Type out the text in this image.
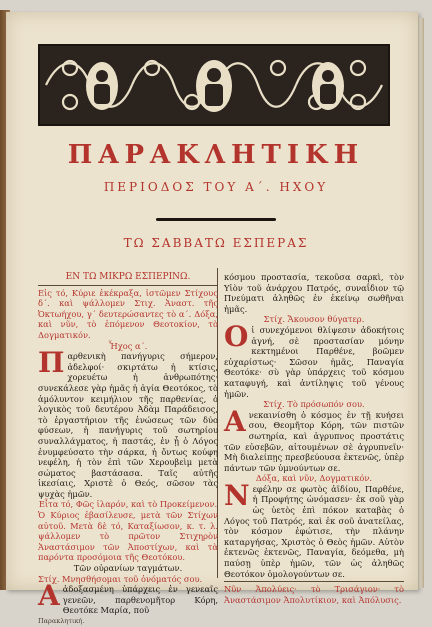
ΠΑΡΑΚΛΗΤΙΚΗ
ΠΕΡΙΟΔΟΣ ΤΟΥ Α΄. ΗΧΟΥ
ΤΩ ΣΑΒΒΑΤΩ ΕΣΠΕΡΑΣ
ΕΝ ΤΩ ΜΙΚΡΩ ΕΣΠΕΡΙΝΩ.

Εἰς τό, Κύριε ἐκέκραξα, ἱστῶμεν Στίχους δ΄. καὶ ψάλλομεν Στιχ. Ἀναστ. τῆς Ὀκτωήχου, γ΄ δευτερώσαντες τὸ α΄. Δόξα, καὶ νῦν, τὸ ἑπόμενον Θεοτοκίον, τὸ Δογματικόν.

Ἦχος α΄.

Παρθενικὴ πανήγυρις σήμερον, ἀδελφοί· σκιρτάτω ἡ κτίσις, χορευέτω ἡ ἀνθρωπότης· συνεκάλεσε γὰρ ἡμᾶς ἡ ἁγία Θεοτόκος, τὸ ἀμόλυντον κειμήλιον τῆς παρθενίας, ὁ λογικὸς τοῦ δευτέρου Ἀδὰμ Παράδεισος, τὸ ἐργαστήριον τῆς ἑνώσεως τῶν δύο φύσεων, ἡ πανήγυρις τοῦ σωτηρίου συναλλάγματος, ἡ παστάς, ἐν ᾗ ὁ Λόγος ἐνυμφεύσατο τὴν σάρκα, ἡ ὄντως κούφη νεφέλη, ἡ τὸν ἐπὶ τῶν Χερουβεὶμ μετὰ σώματος βαστάσασα. Ταῖς αὐτῆς ἱκεσίαις, Χριστὲ ὁ Θεός, σῶσον τὰς ψυχὰς ἡμῶν.

Εἶτα τό, Φῶς ἱλαρόν, καὶ τὸ Προκείμενον.

Ὁ Κύριος ἐβασίλευσε, μετὰ τῶν Στίχων αὐτοῦ. Μετὰ δὲ τό, Καταξίωσον, κ. τ. λ. ψάλλομεν τὸ πρῶτον Στιχηρὸν Ἀναστάσιμον τῶν Ἀποστίχων, καὶ τὰ παρόντα προσόμοια τῆς Θεοτόκου.

Τῶν οὐρανίων ταγμάτων.

Στίχ. Μνησθήσομαι τοῦ ὀνόματός σου.

Αἀδοξασμένη ὑπάρχεις ἐν γενεαῖς γενεῶν, παρθενομῆτορ Κόρη, Θεοτόκε Μαρία, ποῦ

Παρακλητική.

κόσμου προστασία, τεκοῦσα σαρκὶ, τὸν Υἱὸν τοῦ ἀνάρχου Πατρός, συναΐδιον τῷ Πνεύματι ἀληθῶς ἐν ἐκείνῳ σωθῆναι ἡμᾶς.

Στίχ. Ἄκουσον θύγατερ.

Οἱ συνεχόμενοι θλίψεσιν ἀδοκήτοις ἁγνή, σὲ προστασίαν μόνην κεκτημένοι Παρθένε, βοῶμεν εὐχαρίστως· Σῶσον ἡμᾶς, Παναγία Θεοτόκε· σὺ γὰρ ὑπάρχεις τοῦ κόσμου καταφυγή, καὶ ἀντίληψις τοῦ γένους ἡμῶν.

Στίχ. Τὸ πρόσωπόν σου.

Ανεκαινίσθη ὁ κόσμος ἐν τῇ κυήσει σου, Θεομῆτορ Κόρη, τῶν πιστῶν σωτηρία, καὶ ἀγρυπνος προστάτις τῶν εὐσεβῶν, αἰτουμένων σὲ ἀγρυπνεῖν· Μὴ διαλείπῃς πρεσβεύουσα ἐκτενῶς, ὑπὲρ πάντων τῶν ὑμνούντων σε.

Δόξα, καὶ νῦν, Δογματικόν.

Νεφέλην σε φωτὸς ἀϊδίου, Παρθένε, ἡ Προφήτης ὠνόμασεν· ἐκ σοῦ γὰρ ὡς ὑετὸς ἐπὶ πόκον καταβὰς ὁ Λόγος τοῦ Πατρός, καὶ ἐκ σοῦ ἀνατείλας, τὸν κόσμον ἐφώτισε, τὴν πλάνην καταργήσας, Χριστὸς ὁ Θεὸς ἡμῶν. Αὐτὸν ἐκτενῶς ἐκτενῶς, Παναγία, δεόμεθα, μὴ παύσῃ ὑπὲρ ἡμῶν, τῶν ὡς ἀληθῶς Θεοτόκον ὁμολογούντων σε.

Νῦν Ἀπολύεις· τὸ Τρισάγιον· τὸ Ἀναστάσιμον Ἀπολυτίκιον, καὶ Ἀπόλυσις.
